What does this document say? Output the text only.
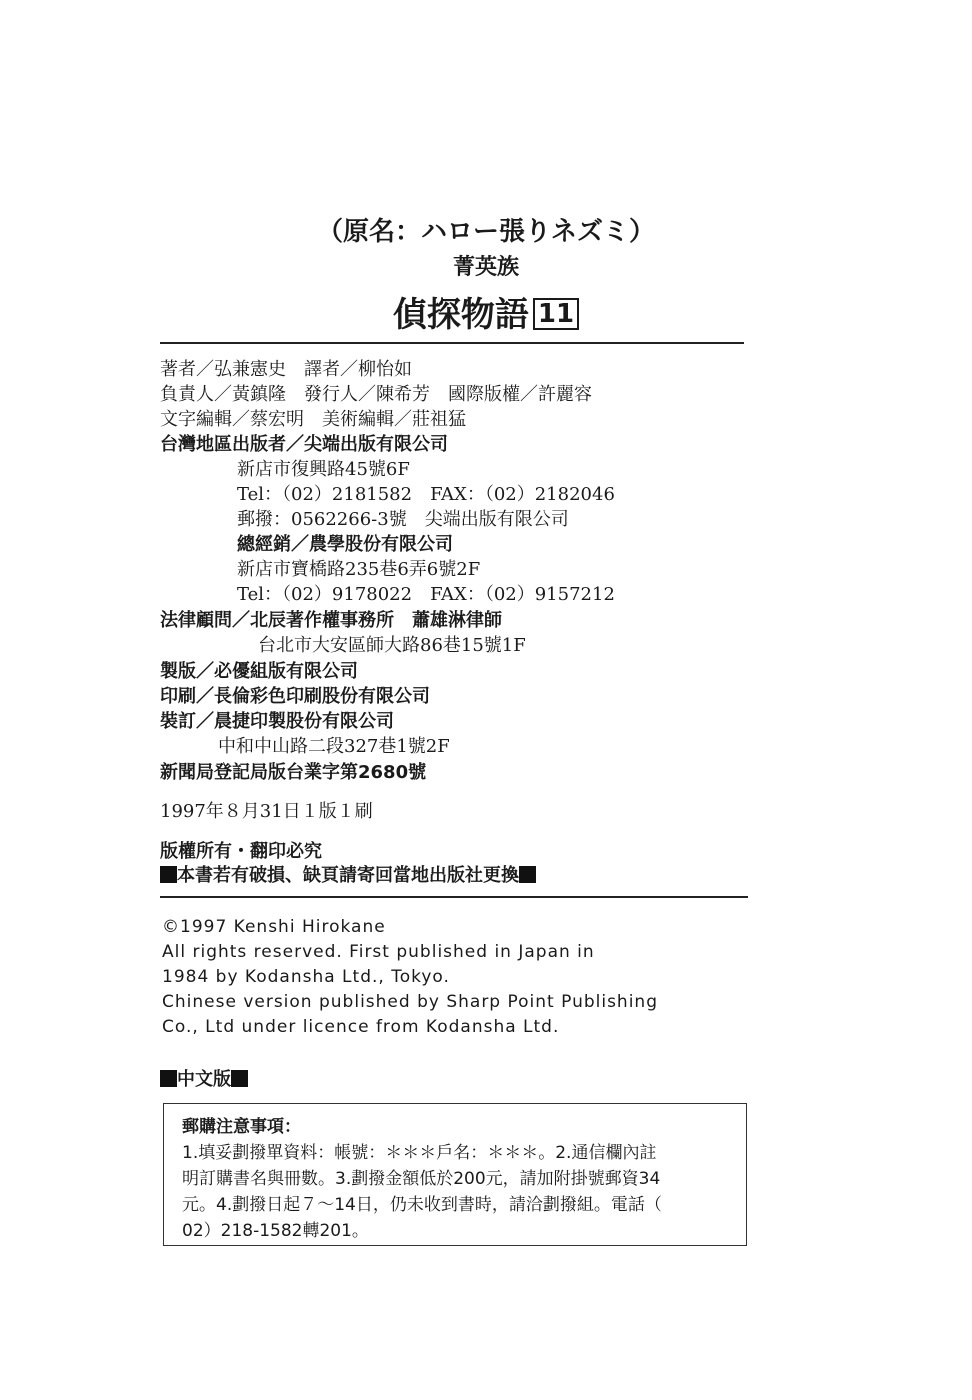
（原名：ハロー張りネズミ）
菁英族
偵探物語 11
著者／弘兼憲史　譯者／柳怡如
負責人／黃鎮隆　發行人／陳希芳　國際版權／許麗容
文字編輯／蔡宏明　美術編輯／莊祖猛
台灣地區出版者／尖端出版有限公司
新店市復興路45號6F
Tel：（02）2181582　FAX：（02）2182046
郵撥：0562266-3號　尖端出版有限公司
總經銷／農學股份有限公司
新店市寶橋路235巷6弄6號2F
Tel：（02）9178022　FAX：（02）9157212
法律顧問／北辰著作權事務所　蕭雄淋律師
台北市大安區師大路86巷15號1F
製版／必優組版有限公司
印刷／長倫彩色印刷股份有限公司
裝訂／晨捷印製股份有限公司
中和中山路二段327巷1號2F
新聞局登記局版台業字第2680號
1997年８月31日１版１刷
版權所有・翻印必究
本書若有破損、缺頁請寄回當地出版社更換
©1997 Kenshi Hirokane
All rights reserved. First published in Japan in
1984 by Kodansha Ltd., Tokyo.
Chinese version published by Sharp Point Publishing
Co., Ltd under licence from Kodansha Ltd.
中文版
郵購注意事項：
1.填妥劃撥單資料：帳號：＊＊＊戶名：＊＊＊。2.通信欄內註
明訂購書名與冊數。3.劃撥金額低於200元，請加附掛號郵資34
元。4.劃撥日起７～14日，仍未收到書時，請洽劃撥組。電話（
02）218-1582轉201。
